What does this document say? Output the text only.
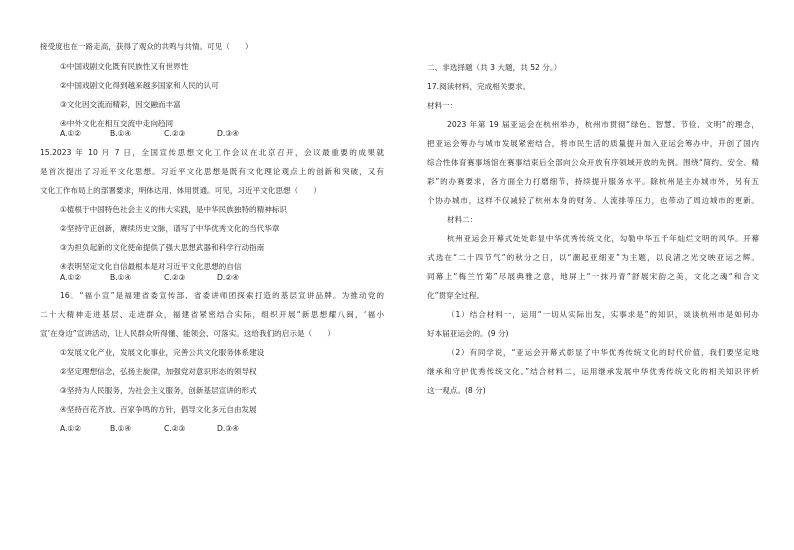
接受度也在一路走高，获得了观众的共鸣与共情。可见（　　）
①中国戏剧文化既有民族性又有世界性
②中国戏剧文化得到越来越多国家和人民的认可
③文化因交流而精彩，因交融而丰富
④中外文化在相互交流中走向趋同
A.①②	B.①④	C.②③	D.③④
15.2023 年 10 月 7 日，全国宣传思想文化工作会议在北京召开，会议最重要的成果就
是首次提出了习近平文化思想。习近平文化思想是既有文化理论观点上的创新和突破，又有
文化工作布局上的部署要求，明体达用、体用贯通。可见，习近平文化思想（　　）
①植根于中国特色社会主义的伟大实践，是中华民族独特的精神标识
②坚持守正创新，赓续历史文脉，谱写了中华优秀文化的当代华章
③为担负起新的文化使命提供了强大思想武器和科学行动指南
④表明坚定文化自信最根本是对习近平文化思想的自信
A.①②	B.①④	C.②③	D.②④
16．“福小宣”是福建省委宣传部、省委讲师团探索打造的基层宣讲品牌。为推动党的
二十大精神走进基层、走进群众，福建省紧密结合实际，组织开展“新思想耀八闽，‘福小
宣’在身边”宣讲活动，让人民群众听得懂、能领会、可落实。这给我们的启示是（　　）
①发展文化产业，发展文化事业，完善公共文化服务体系建设
②坚定理想信念，弘扬主旋律，加强党对意识形态的领导权
③坚持为人民服务，为社会主义服务，创新基层宣讲的形式
④坚持百花齐放、百家争鸣的方针，倡导文化多元自由发展
A.①②	B.①④	C.②③	D.③④
二、非选择题（共 3 大题，共 52 分。）
17.阅读材料，完成相关要求。
材料一：
2023 年第 19 届亚运会在杭州举办，杭州市贯彻“绿色、智慧、节俭、文明”的理念，
把亚运会筹办与城市发展紧密结合，将市民生活的质量提升加入亚运会筹办中，开创了国内
综合性体育赛事场馆在赛事结束后全部向公众开放有序领域开放的先例。围绕“简约、安全、精
彩”的办赛要求，各方面全力打磨细节，持续提升服务水平。除杭州是主办城市外，另有五
个协办城市，这样不仅减轻了杭州本身的财务、人流排等压力，也带动了周边城市的更新。
材料二：
杭州亚运会开幕式处处彰显中华优秀传统文化，勾勒中华五千年灿烂文明的风华。开幕
式选在“二十四节气”的秋分之日，以“潮起亚细亚”为主题，以良渚之光交映亚运之辉。
同幕上“梅兰竹菊”尽展典雅之意，地屏上“一抹丹青”舒展宋韵之美，文化之魂“和合文
化”贯穿全过程。
（1）结合材料一，运用“一切从实际出发，实事求是”的知识，谈谈杭州市是如何办
好本届亚运会的。(9 分)
（2）有同学说，“亚运会开幕式彰显了中华优秀传统文化的时代价值，我们要坚定地
继承和守护优秀传统文化。”结合材料二，运用继承发展中华优秀传统文化的相关知识评析
这一观点。(8 分)
